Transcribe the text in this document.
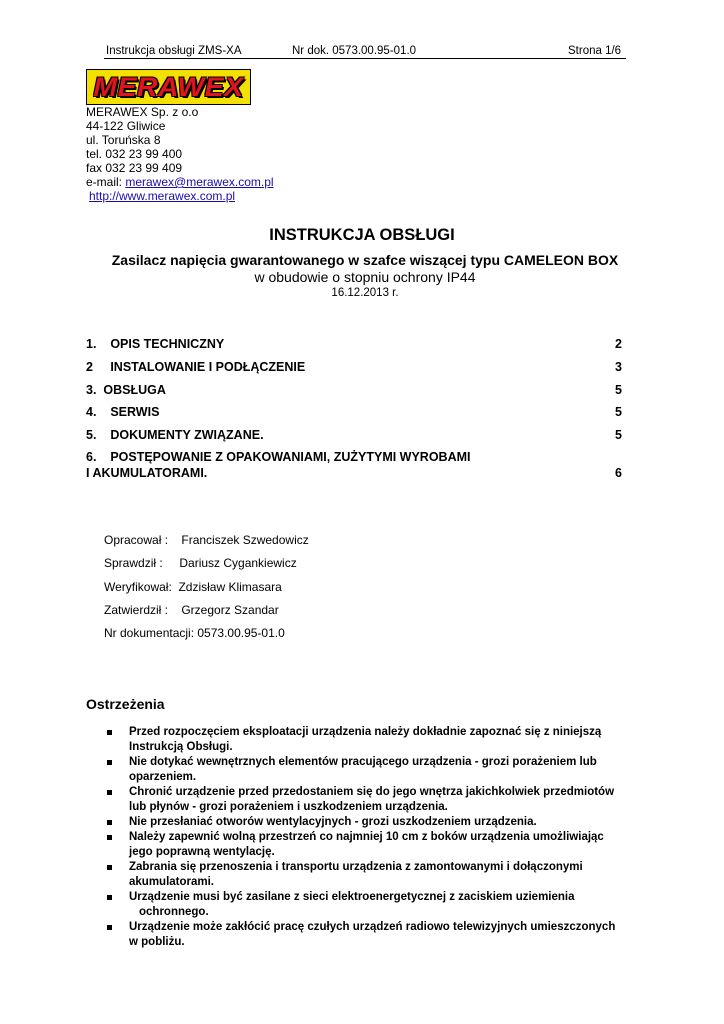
Instrukcja obsługi ZMS-XA	Nr dok. 0573.00.95-01.0	Strona 1/6
MERAWEX
MERAWEX Sp. z o.o
44-122 Gliwice
ul. Toruńska 8
tel. 032 23 99 400
fax 032 23 99 409
e-mail: merawex@merawex.com.pl
http://www.merawex.com.pl
INSTRUKCJA OBSŁUGI
Zasilacz napięcia gwarantowanego w szafce wiszącej typu CAMELEON BOX
w obudowie o stopniu ochrony IP44
16.12.2013 r.
1.    OPIS TECHNICZNY	2
2     INSTALOWANIE I PODŁĄCZENIE	3
3.  OBSŁUGA	5
4.    SERWIS	5
5.    DOKUMENTY ZWIĄZANE.	5
6.    POSTĘPOWANIE Z OPAKOWANIAMI, ZUŻYTYMI WYROBAMI
I AKUMULATORAMI.	6
Opracował :    Franciszek Szwedowicz
Sprawdził :     Dariusz Cygankiewicz
Weryfikował:  Zdzisław Klimasara
Zatwierdził :    Grzegorz Szandar
Nr dokumentacji: 0573.00.95-01.0
Ostrzeżenia
Przed rozpoczęciem eksploatacji urządzenia należy dokładnie zapoznać się z niniejszą
Instrukcją Obsługi.
Nie dotykać wewnętrznych elementów pracującego urządzenia - grozi porażeniem lub
oparzeniem.
Chronić urządzenie przed przedostaniem się do jego wnętrza jakichkolwiek przedmiotów
lub płynów - grozi porażeniem i uszkodzeniem urządzenia.
Nie przesłaniać otworów wentylacyjnych - grozi uszkodzeniem urządzenia.
Należy zapewnić wolną przestrzeń co najmniej 10 cm z boków urządzenia umożliwiając
jego poprawną wentylację.
Zabrania się przenoszenia i transportu urządzenia z zamontowanymi i dołączonymi
akumulatorami.
Urządzenie musi być zasilane z sieci elektroenergetycznej z zaciskiem uziemienia
ochronnego.
Urządzenie może zakłócić pracę czułych urządzeń radiowo telewizyjnych umieszczonych
w pobliżu.
